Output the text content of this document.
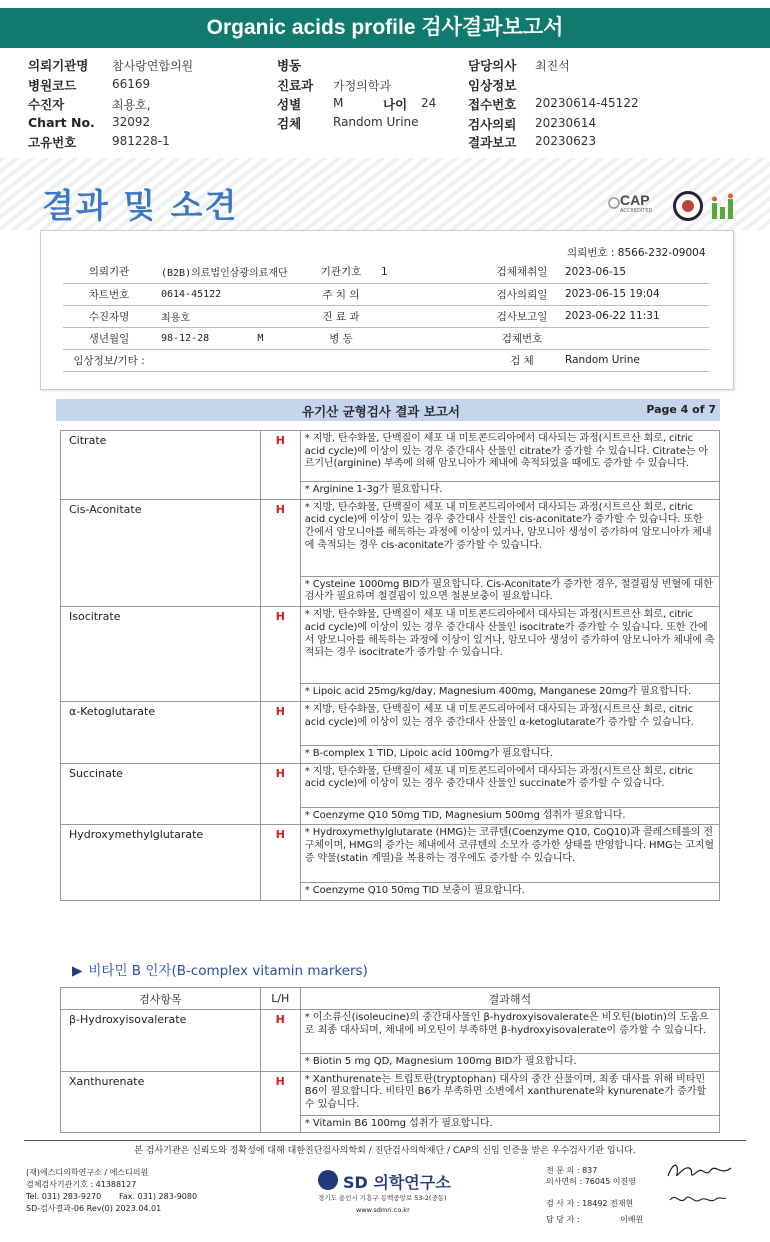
Organic acids profile 검사결과보고서
의뢰기관명 참사랑연합의원	병동	담당의사 최진석
병원코드	66169	진료과 가정의학과	임상정보
수진자	최용호,	성별	M	나이 24	접수번호 20230614-45122
Chart No. 32092	검체	Random Urine	검사의뢰 20230614
고유번호	981228-1	결과보고 20230623
결과 및 소견	CAP
ACCREDITED
의뢰번호 : 8566-232-09004
의뢰기관	(B2B)의료법인삼광의료재단	기관기호	1	검체채취일	2023-06-15
차트번호	0614-45122	주 치 의		검사의뢰일	2023-06-15 19:04
수진자명	최용호	진 료 과		검사보고일	2023-06-22 11:31
생년월일	98-12-28        M	병 동		검체번호	
임상정보/기타 :				검 체	Random Urine
유기산 균형검사 결과 보고서	Page 4 of 7
Citrate	H	* 지방, 탄수화물, 단백질이 세포 내 미토콘드리아에서 대사되는 과정(시트르산 회로, citric acid cycle)에 이상이 있는 경우 중간대사 산물인 citrate가 증가할 수 있습니다. Citrate는 아르기닌(arginine) 부족에 의해 암모니아가 체내에 축적되었을 때에도 증가할 수 있습니다.
		* Arginine 1-3g가 필요합니다.
Cis-Aconitate	H	* 지방, 탄수화물, 단백질이 세포 내 미토콘드리아에서 대사되는 과정(시트르산 회로, citric acid cycle)에 이상이 있는 경우 중간대사 산물인 cis-aconitate가 증가할 수 있습니다. 또한 간에서 암모니아를 해독하는 과정에 이상이 있거나, 암모니아 생성이 증가하여 암모니아가 체내에 축적되는 경우 cis-aconitate가 증가할 수 있습니다.
		* Cysteine 1000mg BID가 필요합니다. Cis-Aconitate가 증가한 경우, 철결핍성 빈혈에 대한 검사가 필요하며 철결핍이 있으면 철분보충이 필요합니다.
Isocitrate	H	* 지방, 탄수화물, 단백질이 세포 내 미토콘드리아에서 대사되는 과정(시트르산 회로, citric acid cycle)에 이상이 있는 경우 중간대사 산물인 isocitrate가 증가할 수 있습니다. 또한 간에서 암모니아를 해독하는 과정에 이상이 있거나, 암모니아 생성이 증가하여 암모니아가 체내에 축적되는 경우 isocitrate가 증가할 수 있습니다.
		* Lipoic acid 25mg/kg/day, Magnesium 400mg, Manganese 20mg가 필요합니다.
α-Ketoglutarate	H	* 지방, 탄수화물, 단백질이 세포 내 미토콘드리아에서 대사되는 과정(시트르산 회로, citric acid cycle)에 이상이 있는 경우 중간대사 산물인 α-ketoglutarate가 증가할 수 있습니다.
		* B-complex 1 TID, Lipoic acid 100mg가 필요합니다.
Succinate	H	* 지방, 탄수화물, 단백질이 세포 내 미토콘드리아에서 대사되는 과정(시트르산 회로, citric acid cycle)에 이상이 있는 경우 중간대사 산물인 succinate가 증가할 수 있습니다.
		* Coenzyme Q10 50mg TID, Magnesium 500mg 섭취가 필요합니다.
Hydroxymethylglutarate	H	* Hydroxymethylglutarate (HMG)는 코큐텐(Coenzyme Q10, CoQ10)과 콜레스테롤의 전구체이며, HMG의 증가는 체내에서 코큐텐의 소모가 증가한 상태를 반영합니다. HMG는 고지혈증 약물(statin 계열)을 복용하는 경우에도 증가할 수 있습니다.
		* Coenzyme Q10 50mg TID 보충이 필요합니다.
▶ 비타민 B 인자(B-complex vitamin markers)
검사항목	L/H	결과해석
β-Hydroxyisovalerate	H	* 이소류신(isoleucine)의 중간대사물인 β-hydroxyisovalerate은 비오틴(biotin)의 도움으로 최종 대사되며, 체내에 비오틴이 부족하면 β-hydroxyisovalerate이 증가할 수 있습니다.
		* Biotin 5 mg QD, Magnesium 100mg BID가 필요합니다.
Xanthurenate	H	* Xanthurenate는 트립토판(tryptophan) 대사의 중간 산물이며, 최종 대사를 위해 비타민 B6이 필요합니다. 비타민 B6가 부족하면 소변에서 xanthurenate와 kynurenate가 증가할 수 있습니다.
		* Vitamin B6 100mg 섭취가 필요합니다.
본 검사기관은 신뢰도와 정확성에 대해 대한진단검사의학회 / 진단검사의학재단 / CAP의 신임 인증을 받은 우수검사기관 입니다.
(재)에스디의학연구소 / 에스디의원
검체검사기관기호 : 41388127
Tel. 031) 283-9270       Fax. 031) 283-9080
SD-검사결과-06 Rev(0) 2023.04.01
SD 의학연구소
경기도 용인시 기흥구 동백중앙로 53-2(중동)
www.sdmri.co.kr
전 문 의 : 837
의사면허 : 76045 이진영
검 사 자 : 18492 전재현
담 당 자 :	이배원
